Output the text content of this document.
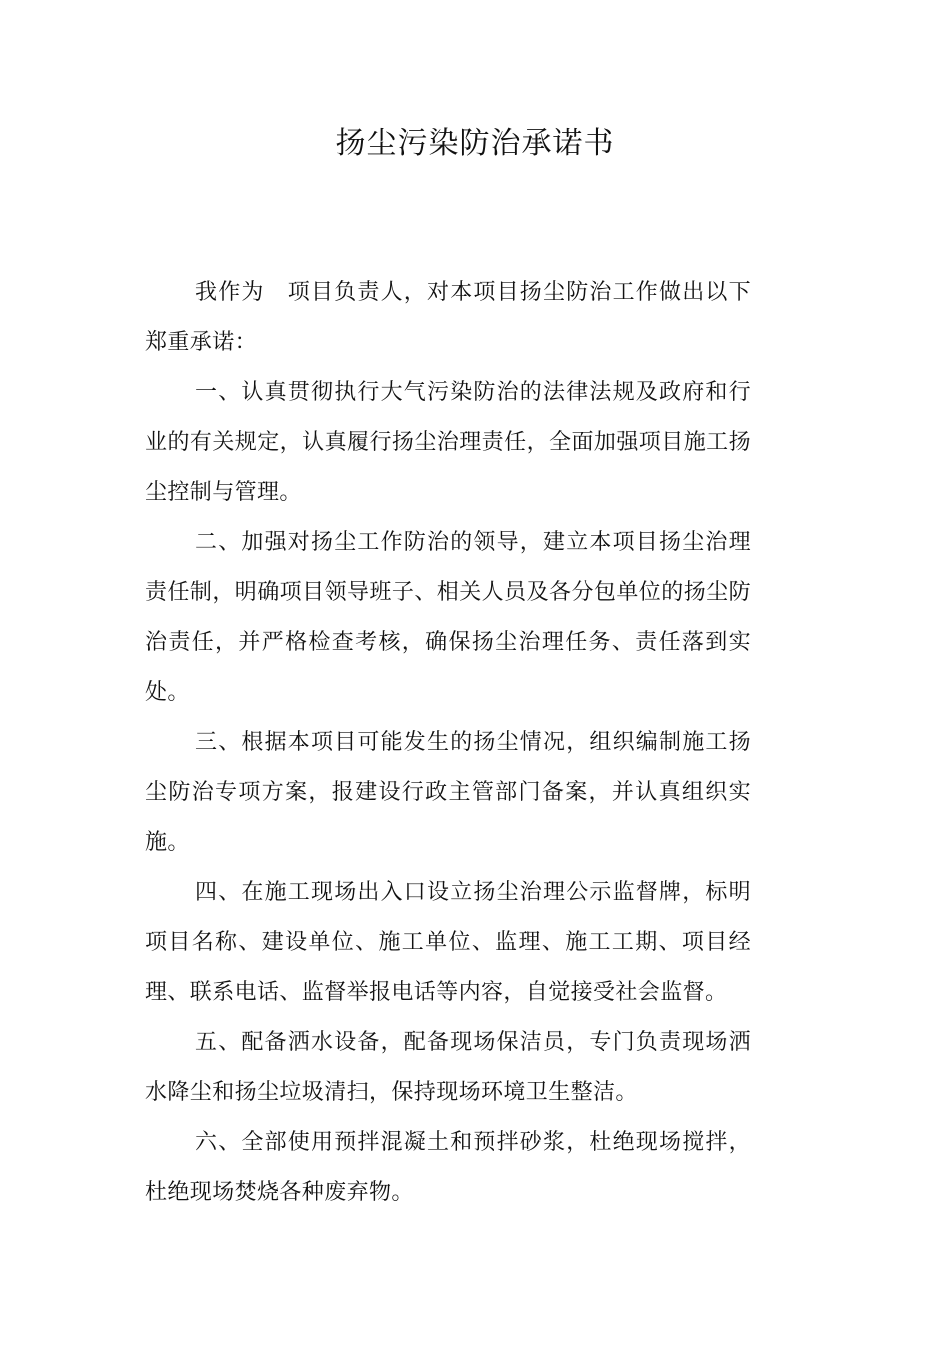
扬尘污染防治承诺书

我作为　项目负责人，对本项目扬尘防治工作做出以下郑重承诺：

一、认真贯彻执行大气污染防治的法律法规及政府和行业的有关规定，认真履行扬尘治理责任，全面加强项目施工扬尘控制与管理。

二、加强对扬尘工作防治的领导，建立本项目扬尘治理责任制，明确项目领导班子、相关人员及各分包单位的扬尘防治责任，并严格检查考核，确保扬尘治理任务、责任落到实处。

三、根据本项目可能发生的扬尘情况，组织编制施工扬尘防治专项方案，报建设行政主管部门备案，并认真组织实施。

四、在施工现场出入口设立扬尘治理公示监督牌，标明项目名称、建设单位、施工单位、监理、施工工期、项目经理、联系电话、监督举报电话等内容，自觉接受社会监督。

五、配备洒水设备，配备现场保洁员，专门负责现场洒水降尘和扬尘垃圾清扫，保持现场环境卫生整洁。

六、全部使用预拌混凝土和预拌砂浆，杜绝现场搅拌，杜绝现场焚烧各种废弃物。
